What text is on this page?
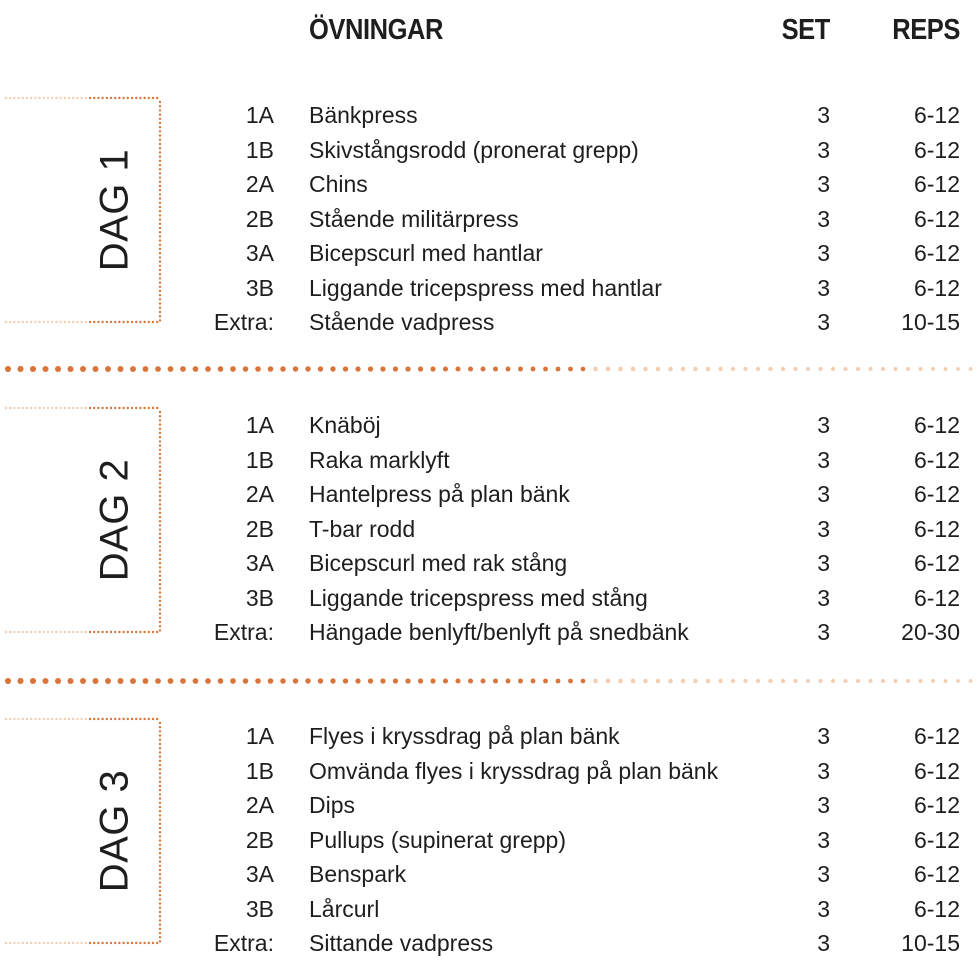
ÖVNINGAR	SET REPS
DAG 1
1A Bänkpress	3	6-12
1B Skivstångsrodd (pronerat grepp)	3	6-12
2A Chins	3	6-12
2B Stående militärpress	3	6-12
3A Bicepscurl med hantlar	3	6-12
3B Liggande tricepspress med hantlar	3	6-12
Extra: Stående vadpress	3	10-15
DAG 2
1A Knäböj	3	6-12
1B Raka marklyft	3	6-12
2A Hantelpress på plan bänk	3	6-12
2B T-bar rodd	3	6-12
3A Bicepscurl med rak stång	3	6-12
3B Liggande tricepspress med stång	3	6-12
Extra: Hängade benlyft/benlyft på snedbänk	3	20-30
DAG 3
1A Flyes i kryssdrag på plan bänk	3	6-12
1B Omvända flyes i kryssdrag på plan bänk	3	6-12
2A Dips	3	6-12
2B Pullups (supinerat grepp)	3	6-12
3A Benspark	3	6-12
3B Lårcurl	3	6-12
Extra: Sittande vadpress	3	10-15
